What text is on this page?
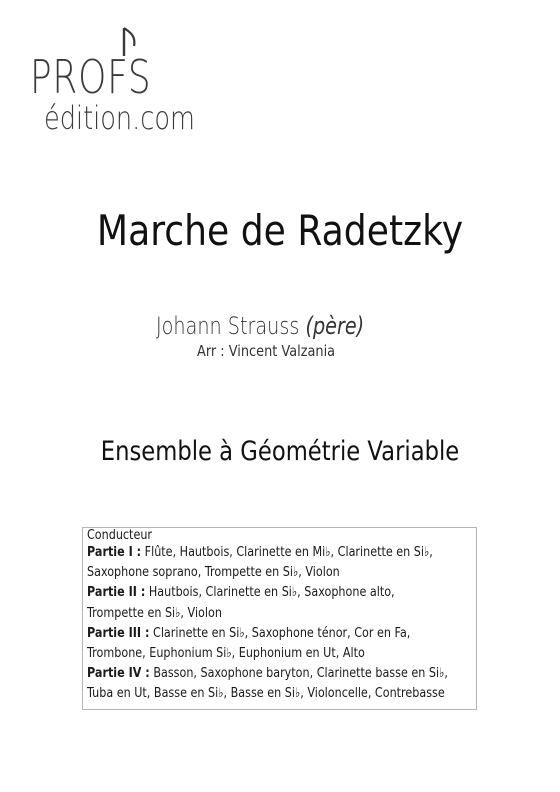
PROFS
édition.com
Marche de Radetzky
Johann Strauss (père)
Arr : Vincent Valzania
Ensemble à Géométrie Variable
Conducteur
Partie I : Flûte, Hautbois, Clarinette en Mi♭, Clarinette en Si♭,
Saxophone soprano, Trompette en Si♭, Violon
Partie II : Hautbois, Clarinette en Si♭, Saxophone alto,
Trompette en Si♭, Violon
Partie III : Clarinette en Si♭, Saxophone ténor, Cor en Fa,
Trombone, Euphonium Si♭, Euphonium en Ut, Alto
Partie IV : Basson, Saxophone baryton, Clarinette basse en Si♭,
Tuba en Ut, Basse en Si♭, Basse en Si♭, Violoncelle, Contrebasse
